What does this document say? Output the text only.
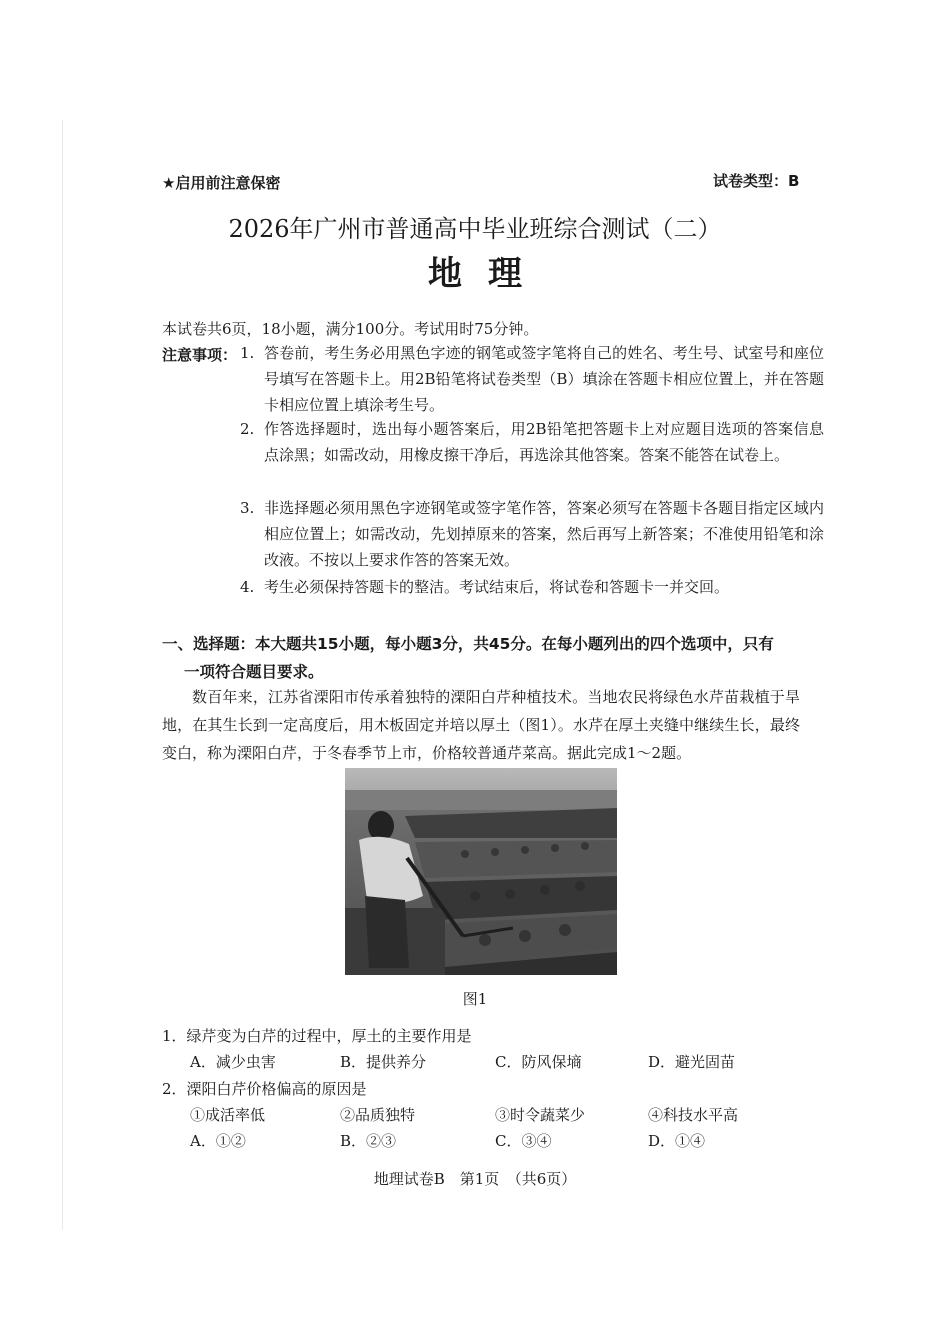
★启用前注意保密	试卷类型：B
2026年广州市普通高中毕业班综合测试（二）
地理
本试卷共6页，18小题，满分100分。考试用时75分钟。
注意事项： 1. 答卷前，考生务必用黑色字迹的钢笔或签字笔将自己的姓名、考生号、试室号和座位号填写在答题卡上。用2B铅笔将试卷类型（B）填涂在答题卡相应位置上，并在答题卡相应位置上填涂考生号。
2. 作答选择题时，选出每小题答案后，用2B铅笔把答题卡上对应题目选项的答案信息点涂黑；如需改动，用橡皮擦干净后，再选涂其他答案。答案不能答在试卷上。
3. 非选择题必须用黑色字迹钢笔或签字笔作答，答案必须写在答题卡各题目指定区域内相应位置上；如需改动，先划掉原来的答案，然后再写上新答案；不准使用铅笔和涂改液。不按以上要求作答的答案无效。
4. 考生必须保持答题卡的整洁。考试结束后，将试卷和答题卡一并交回。
一、选择题：本大题共15小题，每小题3分，共45分。在每小题列出的四个选项中，只有
一项符合题目要求。
数百年来，江苏省溧阳市传承着独特的溧阳白芹种植技术。当地农民将绿色水芹苗栽植于旱地，在其生长到一定高度后，用木板固定并培以厚土（图1）。水芹在厚土夹缝中继续生长，最终变白，称为溧阳白芹，于冬春季节上市，价格较普通芹菜高。据此完成1～2题。
图1
1．绿芹变为白芹的过程中，厚土的主要作用是
A．减少虫害	B．提供养分	C．防风保墒	D．避光固苗
2．溧阳白芹价格偏高的原因是
①成活率低	②品质独特	③时令蔬菜少	④科技水平高
A．①②	B．②③	C．③④	D．①④
地理试卷B　第1页　（共6页）
